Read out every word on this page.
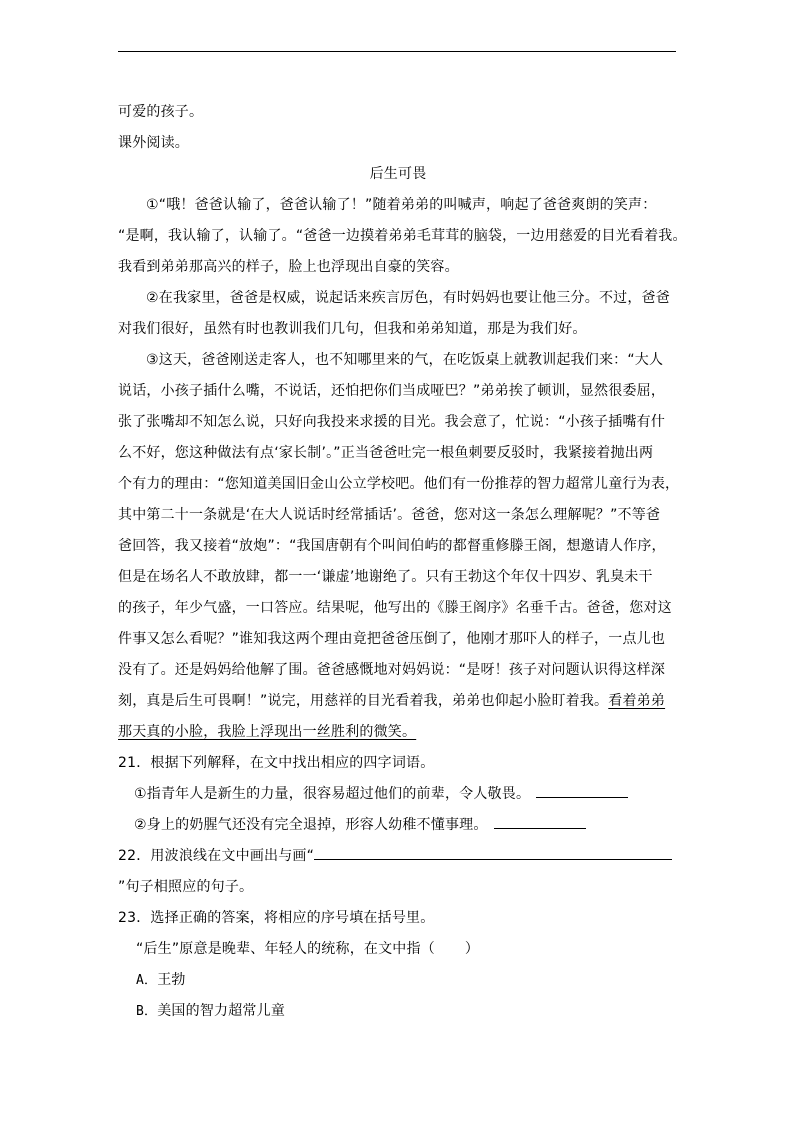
可爱的孩子。
课外阅读。
后生可畏
①“哦！爸爸认输了，爸爸认输了！”随着弟弟的叫喊声，响起了爸爸爽朗的笑声：
“是啊，我认输了，认输了。“爸爸一边摸着弟弟毛茸茸的脑袋，一边用慈爱的目光看着我。
我看到弟弟那高兴的样子，脸上也浮现出自豪的笑容。
②在我家里，爸爸是权威，说起话来疾言厉色，有时妈妈也要让他三分。不过，爸爸
对我们很好，虽然有时也教训我们几句，但我和弟弟知道，那是为我们好。
③这天，爸爸刚送走客人，也不知哪里来的气，在吃饭桌上就教训起我们来：“大人
说话，小孩子插什么嘴，不说话，还怕把你们当成哑巴？”弟弟挨了顿训，显然很委屈，
张了张嘴却不知怎么说，只好向我投来求援的目光。我会意了，忙说：“小孩子插嘴有什
么不好，您这种做法有点‘家长制’。”正当爸爸吐完一根鱼刺要反驳时，我紧接着抛出两
个有力的理由：“您知道美国旧金山公立学校吧。他们有一份推荐的智力超常儿童行为表，
其中第二十一条就是‘在大人说话时经常插话’。爸爸，您对这一条怎么理解呢？”不等爸
爸回答，我又接着“放炮”：“我国唐朝有个叫间伯屿的都督重修滕王阁，想邀请人作序，
但是在场名人不敢放肆，都一一‘谦虚’地谢绝了。只有王勃这个年仅十四岁、乳臭未干
的孩子，年少气盛，一口答应。结果呢，他写出的《滕王阁序》名垂千古。爸爸，您对这
件事又怎么看呢？”谁知我这两个理由竟把爸爸压倒了，他刚才那吓人的样子，一点儿也
没有了。还是妈妈给他解了围。爸爸感慨地对妈妈说：“是呀！孩子对问题认识得这样深
刻，真是后生可畏啊！”说完，用慈祥的目光看着我，弟弟也仰起小脸盯着我。看着弟弟
那天真的小脸，我脸上浮现出一丝胜利的微笑。
21．根据下列解释，在文中找出相应的四字词语。
①指青年人是新生的力量，很容易超过他们的前辈，令人敬畏。
②身上的奶腥气还没有完全退掉，形容人幼稚不懂事理。
22．用波浪线在文中画出与画“
”句子相照应的句子。
23．选择正确的答案，将相应的序号填在括号里。
“后生”原意是晚辈、年轻人的统称，在文中指（ ）
A．王勃
B．美国的智力超常儿童
